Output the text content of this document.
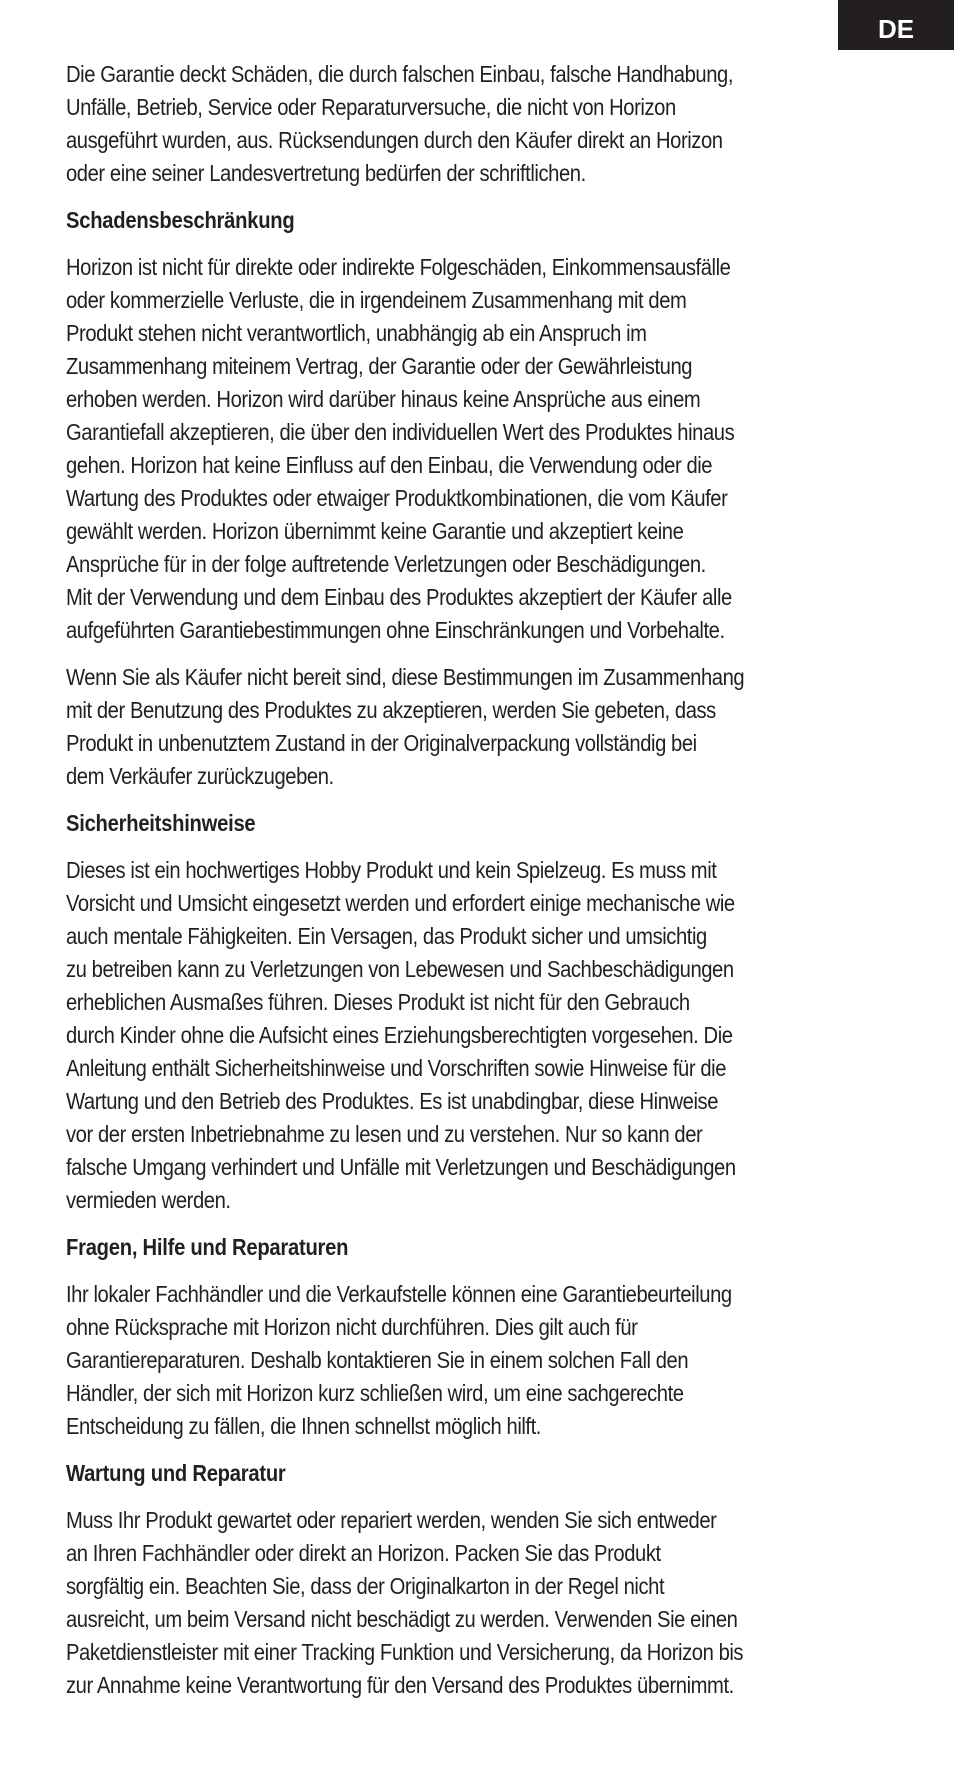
DE
Die Garantie deckt Schäden, die durch falschen Einbau, falsche Handhabung,
Unfälle, Betrieb, Service oder Reparaturversuche, die nicht von Horizon
ausgeführt wurden, aus. Rücksendungen durch den Käufer direkt an Horizon
oder eine seiner Landesvertretung bedürfen der schriftlichen.
Schadensbeschränkung
Horizon ist nicht für direkte oder indirekte Folgeschäden, Einkommensausfälle
oder kommerzielle Verluste, die in irgendeinem Zusammenhang mit dem
Produkt stehen nicht verantwortlich, unabhängig ab ein Anspruch im
Zusammenhang miteinem Vertrag, der Garantie oder der Gewährleistung
erhoben werden. Horizon wird darüber hinaus keine Ansprüche aus einem
Garantiefall akzeptieren, die über den individuellen Wert des Produktes hinaus
gehen. Horizon hat keine Einfluss auf den Einbau, die Verwendung oder die
Wartung des Produktes oder etwaiger Produktkombinationen, die vom Käufer
gewählt werden. Horizon übernimmt keine Garantie und akzeptiert keine
Ansprüche für in der folge auftretende Verletzungen oder Beschädigungen.
Mit der Verwendung und dem Einbau des Produktes akzeptiert der Käufer alle
aufgeführten Garantiebestimmungen ohne Einschränkungen und Vorbehalte.
Wenn Sie als Käufer nicht bereit sind, diese Bestimmungen im Zusammenhang
mit der Benutzung des Produktes zu akzeptieren, werden Sie gebeten, dass
Produkt in unbenutztem Zustand in der Originalverpackung vollständig bei
dem Verkäufer zurückzugeben.
Sicherheitshinweise
Dieses ist ein hochwertiges Hobby Produkt und kein Spielzeug. Es muss mit
Vorsicht und Umsicht eingesetzt werden und erfordert einige mechanische wie
auch mentale Fähigkeiten. Ein Versagen, das Produkt sicher und umsichtig
zu betreiben kann zu Verletzungen von Lebewesen und Sachbeschädigungen
erheblichen Ausmaßes führen. Dieses Produkt ist nicht für den Gebrauch
durch Kinder ohne die Aufsicht eines Erziehungsberechtigten vorgesehen. Die
Anleitung enthält Sicherheitshinweise und Vorschriften sowie Hinweise für die
Wartung und den Betrieb des Produktes. Es ist unabdingbar, diese Hinweise
vor der ersten Inbetriebnahme zu lesen und zu verstehen. Nur so kann der
falsche Umgang verhindert und Unfälle mit Verletzungen und Beschädigungen
vermieden werden.
Fragen, Hilfe und Reparaturen
Ihr lokaler Fachhändler und die Verkaufstelle können eine Garantiebeurteilung
ohne Rücksprache mit Horizon nicht durchführen. Dies gilt auch für
Garantiereparaturen. Deshalb kontaktieren Sie in einem solchen Fall den
Händler, der sich mit Horizon kurz schließen wird, um eine sachgerechte
Entscheidung zu fällen, die Ihnen schnellst möglich hilft.
Wartung und Reparatur
Muss Ihr Produkt gewartet oder repariert werden, wenden Sie sich entweder
an Ihren Fachhändler oder direkt an Horizon. Packen Sie das Produkt
sorgfältig ein. Beachten Sie, dass der Originalkarton in der Regel nicht
ausreicht, um beim Versand nicht beschädigt zu werden. Verwenden Sie einen
Paketdienstleister mit einer Tracking Funktion und Versicherung, da Horizon bis
zur Annahme keine Verantwortung für den Versand des Produktes übernimmt.
